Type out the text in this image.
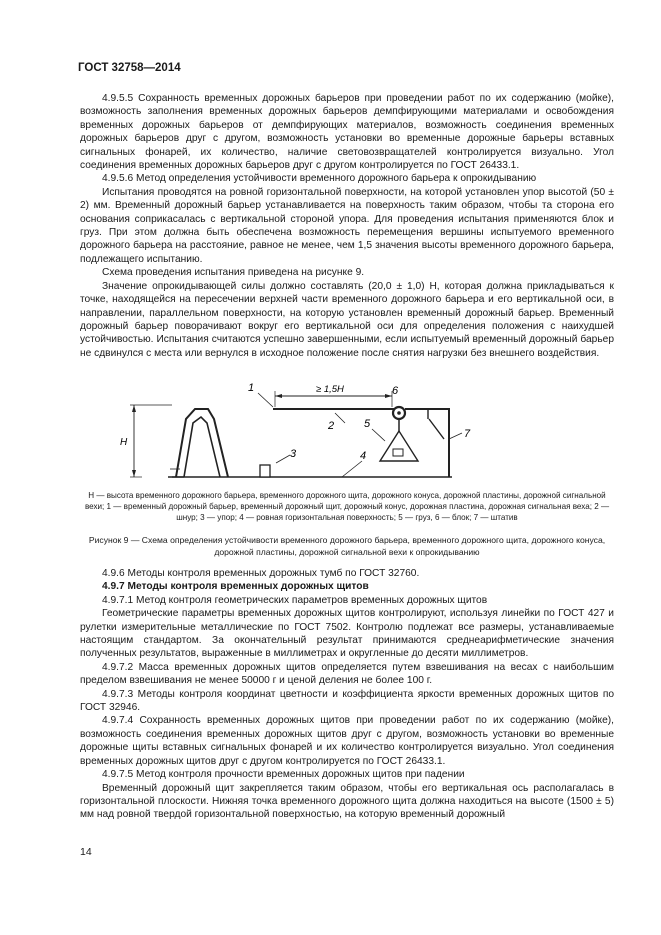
ГОСТ 32758—2014

4.9.5.5 Сохранность временных дорожных барьеров при проведении работ по их содержанию (мойке), возможность заполнения временных дорожных барьеров демпфирующими материалами и освобождения временных дорожных барьеров от демпфирующих материалов, возможность соединения временных дорожных барьеров друг с другом, возможность установки во временные дорожные барьеры вставных сигнальных фонарей, их количество, наличие световозвращателей контролируется визуально. Угол соединения временных дорожных барьеров друг с другом контролируется по ГОСТ 26433.1.

4.9.5.6 Метод определения устойчивости временного дорожного барьера к опрокидыванию

Испытания проводятся на ровной горизонтальной поверхности, на которой установлен упор высотой (50 ± 2) мм. Временный дорожный барьер устанавливается на поверхность таким образом, чтобы та сторона его основания соприкасалась с вертикальной стороной упора. Для проведения испытания применяются блок и груз. При этом должна быть обеспечена возможность перемещения вершины испытуемого временного дорожного барьера на расстояние, равное не менее, чем 1,5 значения высоты временного дорожного барьера, подлежащего испытанию.

Схема проведения испытания приведена на рисунке 9.

Значение опрокидывающей силы должно составлять (20,0 ± 1,0) Н, которая должна прикладываться к точке, находящейся на пересечении верхней части временного дорожного барьера и его вертикальной оси, в направлении, параллельном поверхности, на которую установлен временный дорожный барьер. Временный дорожный барьер поворачивают вокруг его вертикальной оси для определения положения с наихудшей устойчивостью. Испытания считаются успешно завершенными, если испытуемый временный дорожный барьер не сдвинулся с места или вернулся в исходное положение после снятия нагрузки без внешнего воздействия.

H
1	≥ 1,5H
2
3	4
5
6
7
H — высота временного дорожного барьера, временного дорожного щита, дорожного конуса, дорожной пластины, дорожной сигнальной вехи; 1 — временный дорожный барьер, временный дорожный щит, дорожный конус, дорожная пластина, дорожная сигнальная веха; 2 — шнур; 3 — упор; 4 — ровная горизонтальная поверхность; 5 — груз, 6 — блок; 7 — штатив
Рисунок 9 — Схема определения устойчивости временного дорожного барьера, временного дорожного щита, дорожного конуса, дорожной пластины, дорожной сигнальной вехи к опрокидыванию

4.9.6 Методы контроля временных дорожных тумб по ГОСТ 32760.

4.9.7 Методы контроля временных дорожных щитов

4.9.7.1 Метод контроля геометрических параметров временных дорожных щитов

Геометрические параметры временных дорожных щитов контролируют, используя линейки по ГОСТ 427 и рулетки измерительные металлические по ГОСТ 7502. Контролю подлежат все размеры, устанавливаемые настоящим стандартом. За окончательный результат принимаются среднеарифметические значения полученных результатов, выраженные в миллиметрах и округленные до десяти миллиметров.

4.9.7.2 Масса временных дорожных щитов определяется путем взвешивания на весах с наибольшим пределом взвешивания не менее 50000 г и ценой деления не более 100 г.

4.9.7.3 Методы контроля координат цветности и коэффициента яркости временных дорожных щитов по ГОСТ 32946.

4.9.7.4 Сохранность временных дорожных щитов при проведении работ по их содержанию (мойке), возможность соединения временных дорожных щитов друг с другом, возможность установки во временные дорожные щиты вставных сигнальных фонарей и их количество контролируется визуально. Угол соединения временных дорожных щитов друг с другом контролируется по ГОСТ 26433.1.

4.9.7.5 Метод контроля прочности временных дорожных щитов при падении

Временный дорожный щит закрепляется таким образом, чтобы его вертикальная ось располагалась в горизонтальной плоскости. Нижняя точка временного дорожного щита должна находиться на высоте (1500 ± 5) мм над ровной твердой горизонтальной поверхностью, на которую временный дорожный

14
